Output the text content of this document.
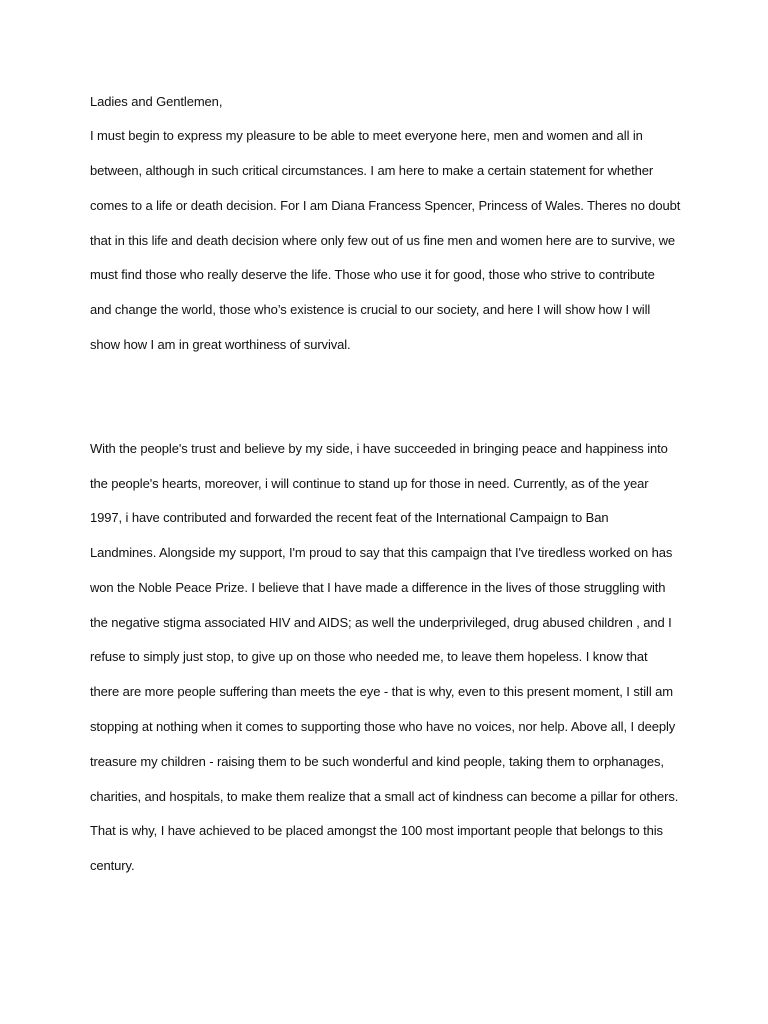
Ladies and Gentlemen,
I must begin to express my pleasure to be able to meet everyone here, men and women and all in
between, although in such critical circumstances. I am here to make a certain statement for whether
comes to a life or death decision. For I am Diana Francess Spencer, Princess of Wales. Theres no doubt
that in this life and death decision where only few out of us fine men and women here are to survive, we
must find those who really deserve the life. Those who use it for good, those who strive to contribute
and change the world, those who’s existence is crucial to our society, and here I will show how I will
show how I am in great worthiness of survival.
With the people's trust and believe by my side, i have succeeded in bringing peace and happiness into
the people's hearts, moreover, i will continue to stand up for those in need. Currently, as of the year
1997, i have contributed and forwarded the recent feat of the International Campaign to Ban
Landmines. Alongside my support, I'm proud to say that this campaign that I've tiredless worked on has
won the Noble Peace Prize. I believe that I have made a difference in the lives of those struggling with
the negative stigma associated HIV and AIDS; as well the underprivileged, drug abused children , and I
refuse to simply just stop, to give up on those who needed me, to leave them hopeless. I know that
there are more people suffering than meets the eye - that is why, even to this present moment, I still am
stopping at nothing when it comes to supporting those who have no voices, nor help. Above all, I deeply
treasure my children - raising them to be such wonderful and kind people, taking them to orphanages,
charities, and hospitals, to make them realize that a small act of kindness can become a pillar for others.
That is why, I have achieved to be placed amongst the 100 most important people that belongs to this
century.
